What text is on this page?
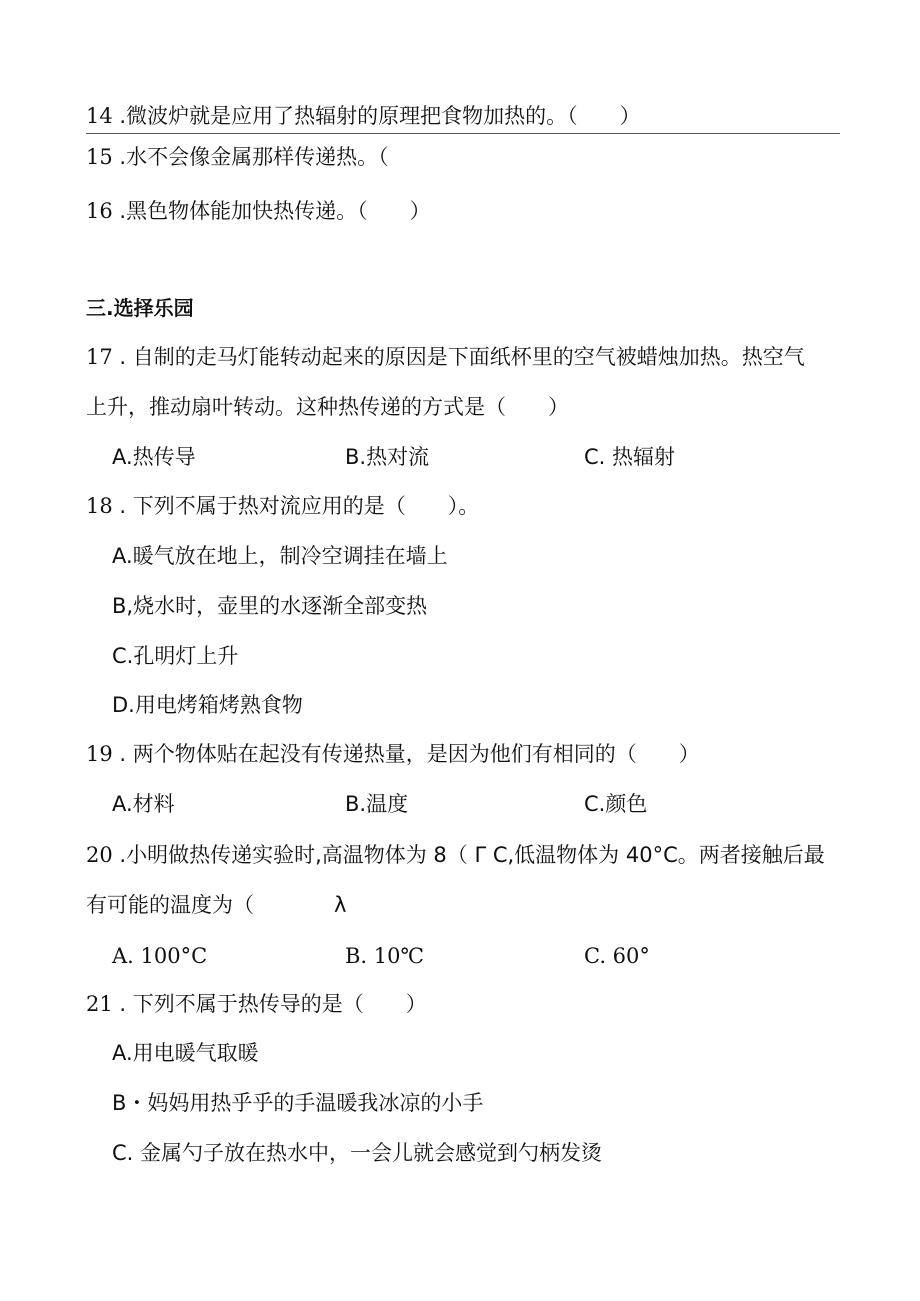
14 .微波炉就是应用了热辐射的原理把食物加热的。（　　）
15 .水不会像金属那样传递热。（
16 .黑色物体能加快热传递。（　　）
三.选择乐园
17 . 自制的走马灯能转动起来的原因是下面纸杯里的空气被蜡烛加热。热空气
上升，推动扇叶转动。这种热传递的方式是（　　）
A.热传导	B.热对流	C. 热辐射
18 . 下列不属于热对流应用的是（　　）。
A.暖气放在地上，制冷空调挂在墙上
B,烧水时，壶里的水逐渐全部变热
C.孔明灯上升
D.用电烤箱烤熟食物
19 . 两个物体贴在起没有传递热量，是因为他们有相同的（　　）
A.材料	B.温度	C.颜色
20 .小明做热传递实验时,高温物体为 8（ Γ C,低温物体为 40°C。两者接触后最
有可能的温度为（	λ
A. 100°C	B. 10℃	C. 60°
21 . 下列不属于热传导的是（　　）
A.用电暖气取暖
B・妈妈用热乎乎的手温暖我冰凉的小手
C. 金属勺子放在热水中，一会儿就会感觉到勺柄发烫
